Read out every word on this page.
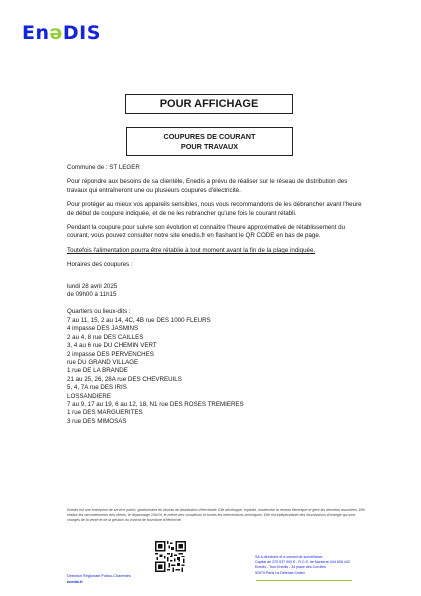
EnəDIS
POUR AFFICHAGE
COUPURES DE COURANT
POUR TRAVAUX

Commune de : ST LEGER

Pour répondre aux besoins de sa clientèle, Enedis a prévu de réaliser sur le réseau de distribution des travaux qui entraîneront une ou plusieurs coupures d'électricité.

Pour protéger au mieux vos appareils sensibles, nous vous recommandons de les débrancher avant l'heure de début de coupure indiquée, et de ne les rebrancher qu'une fois le courant rétabli.

Pendant la coupure pour suivre son évolution et connaître l'heure approximative de rétablissement du courant, vous pouvez consulter notre site enedis.fr en flashant le QR CODE en bas de page.

Toutefois l'alimentation pourra être rétablie à tout moment avant la fin de la plage indiquée.

Horaires des coupures :

lundi 28 avril 2025

de 09h00 à 11h15

Quartiers ou lieux-dits :

7 au 11, 15, 2 au 14, 4C, 4B rue DES 1000 FLEURS

4 impasse DES JASMINS

2 au 4, 8 rue DES CAILLES

3, 4 au 6 rue DU CHEMIN VERT

2 impasse DES PERVENCHES

rue DU GRAND VILLAGE

1 rue DE LA BRANDE

21 au 25, 26, 28A rue DES CHEVREUILS

5, 4, 7A rue DES IRIS

LOSSANDIERE

7 au 9, 17 au 19, 6 au 12, 18, N1 rue DES ROSES TREMIERES

1 rue DES MARGUERITES

3 rue DES MIMOSAS

Enedis est une entreprise de service public, gestionnaire du réseau de distribution d'électricité. Elle développe, exploite, modernise le réseau électrique et gère les données associées. Elle réalise les raccordements des clients, le dépannage 24h/24, le relevé des compteurs et toutes les interventions techniques. Elle est indépendante des fournisseurs d'énergie qui sont chargés de la vente et de la gestion du contrat de fourniture d'électricité.
Direction Régionale Poitou-Charentes
enedis.fr
SA à directoire et à conseil de surveillance
Capital de 270 037 000 € - R.C.S. de Nanterre 444 608 442
Enedis - Tour Enedis - 34 place des Corolles
92079 Paris La Défense Cedex
